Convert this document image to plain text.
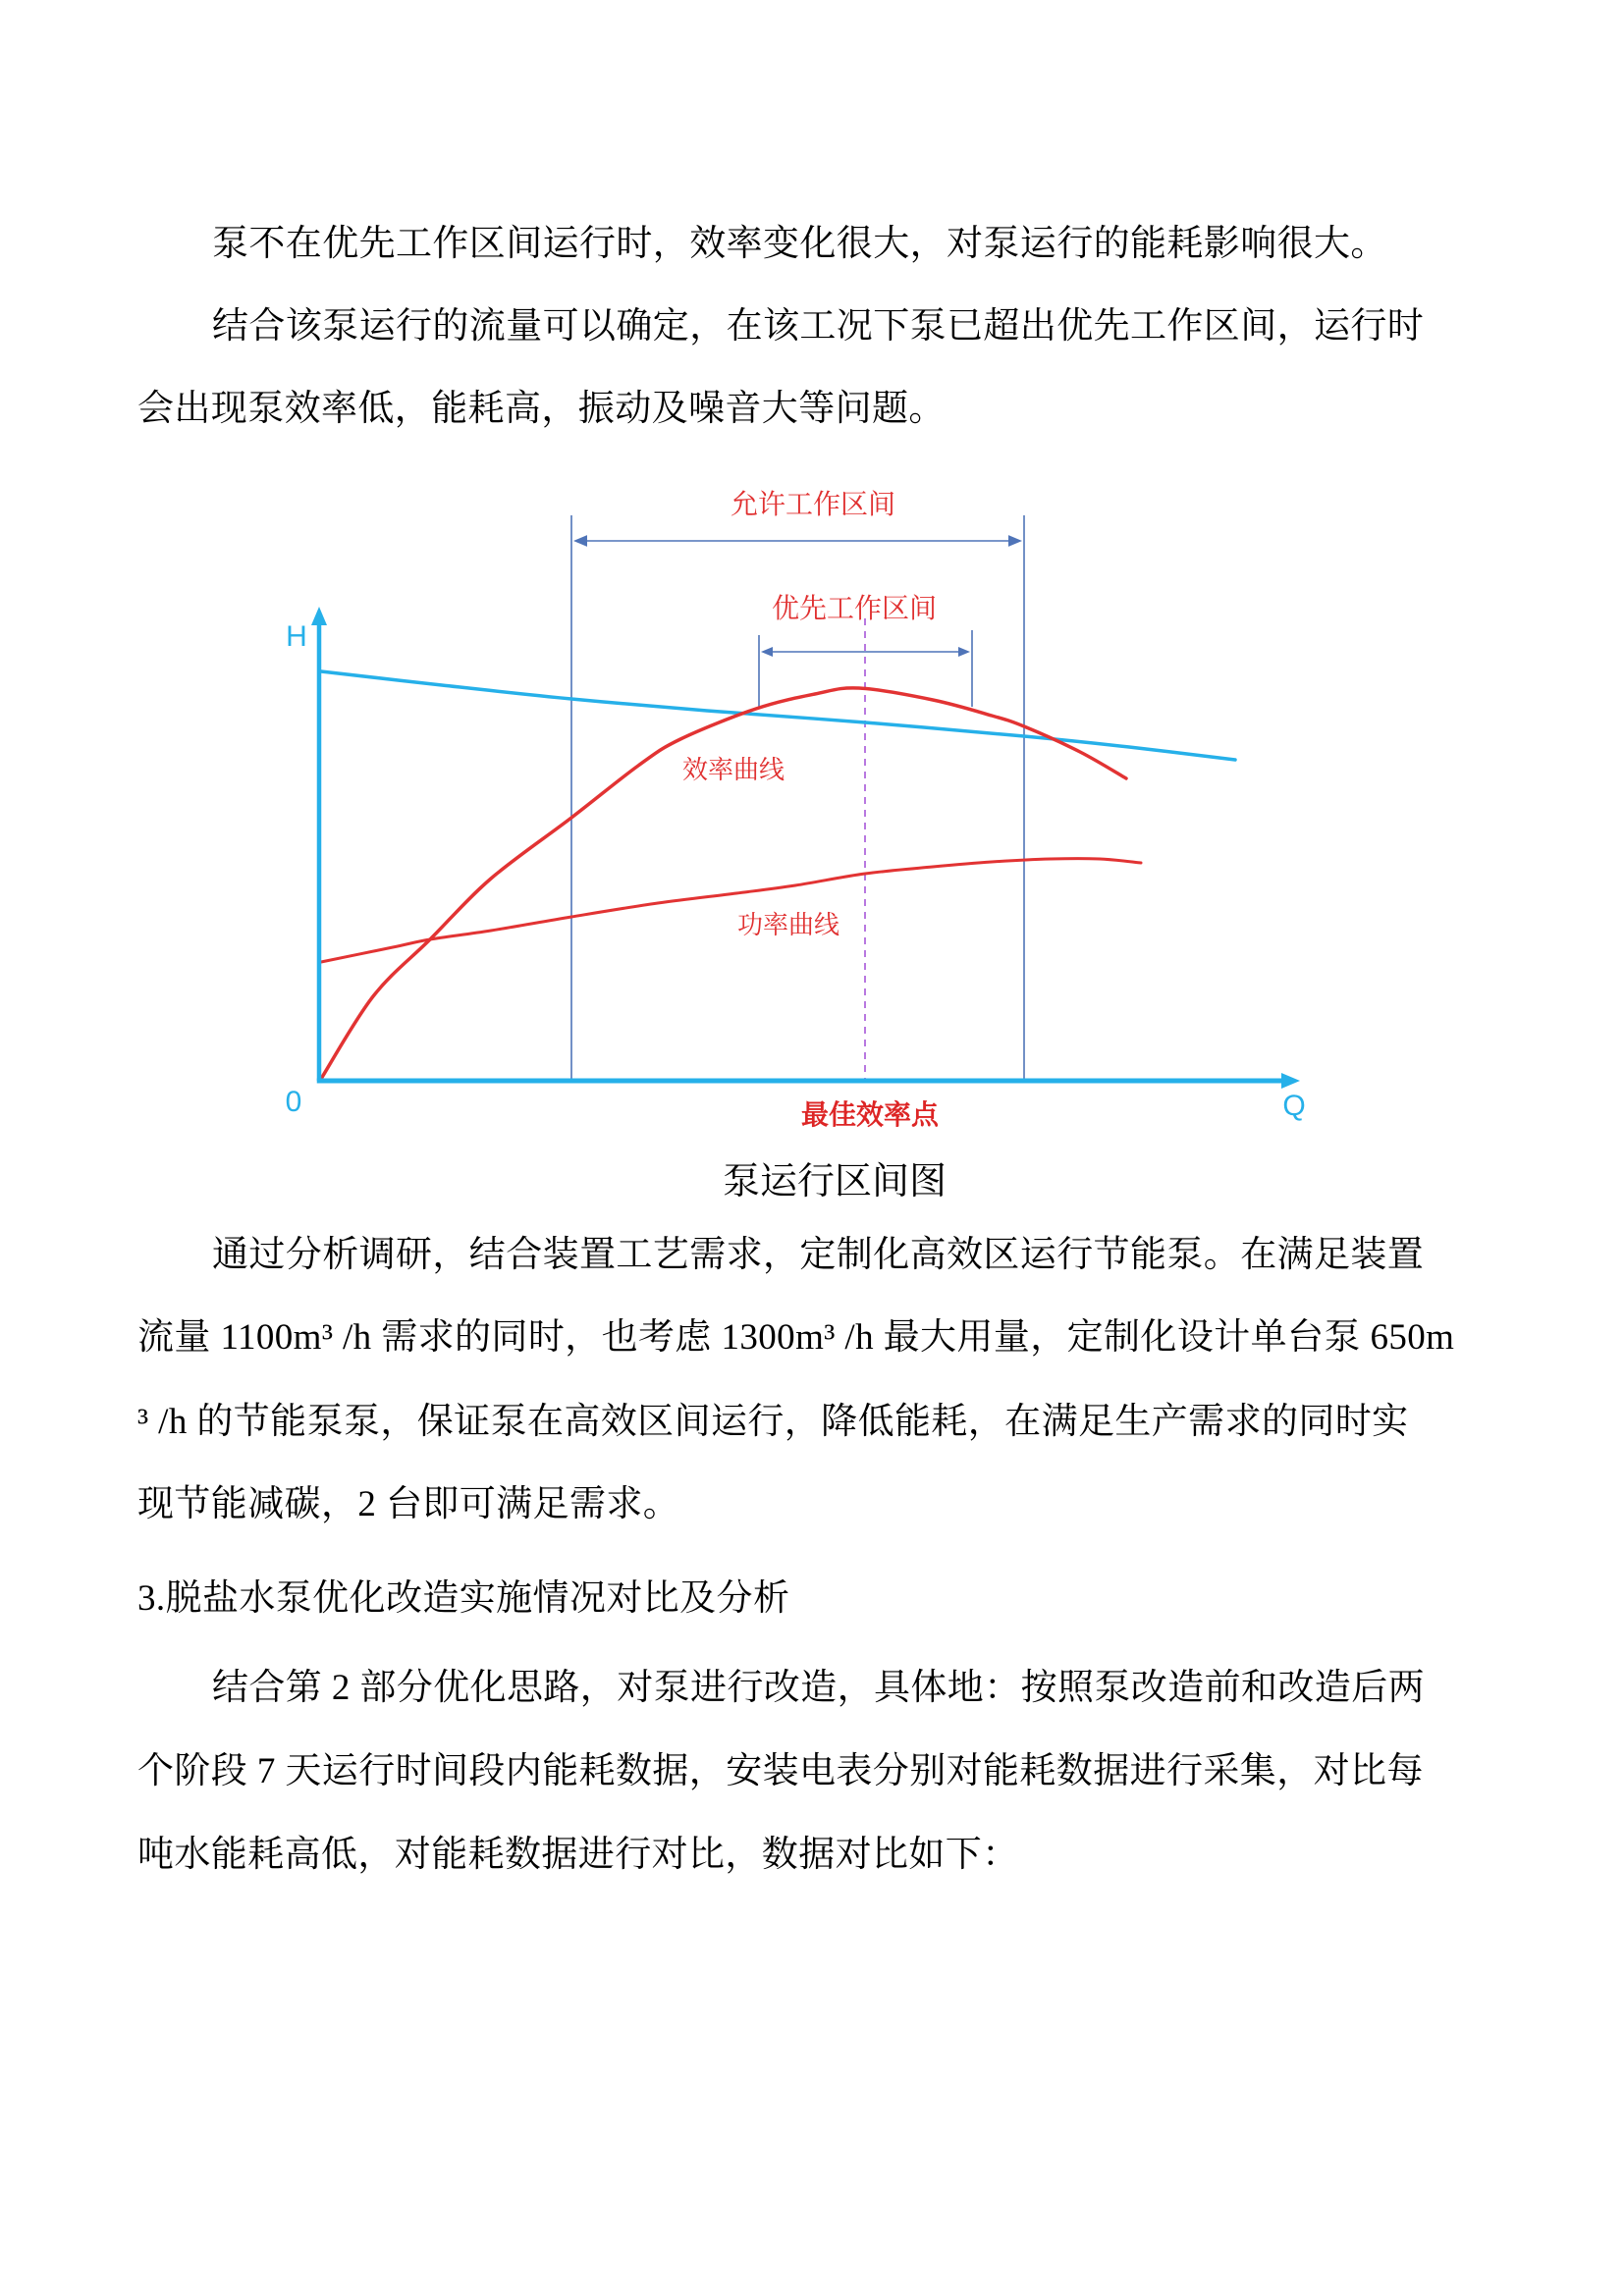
泵不在优先工作区间运行时，效率变化很大，对泵运行的能耗影响很大。
结合该泵运行的流量可以确定，在该工况下泵已超出优先工作区间，运行时
会出现泵效率低，能耗高，振动及噪音大等问题。
允许工作区间
优先工作区间
效率曲线
功率曲线
最佳效率点
H
0	Q
泵运行区间图
通过分析调研，结合装置工艺需求，定制化高效区运行节能泵。在满足装置
流量 1100m³ /h 需求的同时，也考虑 1300m³ /h 最大用量，定制化设计单台泵 650m
³ /h 的节能泵泵，保证泵在高效区间运行，降低能耗，在满足生产需求的同时实
现节能减碳，2 台即可满足需求。
3.脱盐水泵优化改造实施情况对比及分析
结合第 2 部分优化思路，对泵进行改造，具体地：按照泵改造前和改造后两
个阶段 7 天运行时间段内能耗数据，安装电表分别对能耗数据进行采集，对比每
吨水能耗高低，对能耗数据进行对比，数据对比如下：
